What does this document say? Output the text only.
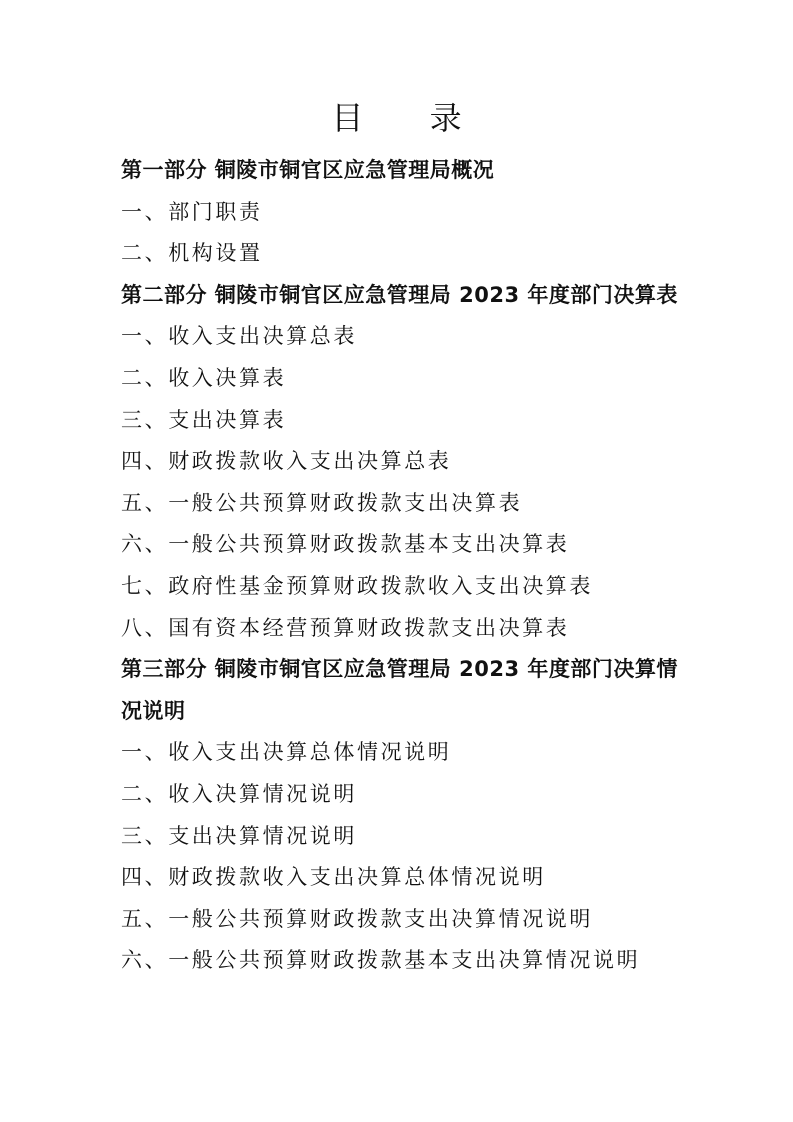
目 录
第一部分 铜陵市铜官区应急管理局概况
一、部门职责
二、机构设置
第二部分 铜陵市铜官区应急管理局 2023 年度部门决算表
一、收入支出决算总表
二、收入决算表
三、支出决算表
四、财政拨款收入支出决算总表
五、一般公共预算财政拨款支出决算表
六、一般公共预算财政拨款基本支出决算表
七、政府性基金预算财政拨款收入支出决算表
八、国有资本经营预算财政拨款支出决算表
第三部分 铜陵市铜官区应急管理局 2023 年度部门决算情况说明
一、收入支出决算总体情况说明
二、收入决算情况说明
三、支出决算情况说明
四、财政拨款收入支出决算总体情况说明
五、一般公共预算财政拨款支出决算情况说明
六、一般公共预算财政拨款基本支出决算情况说明
